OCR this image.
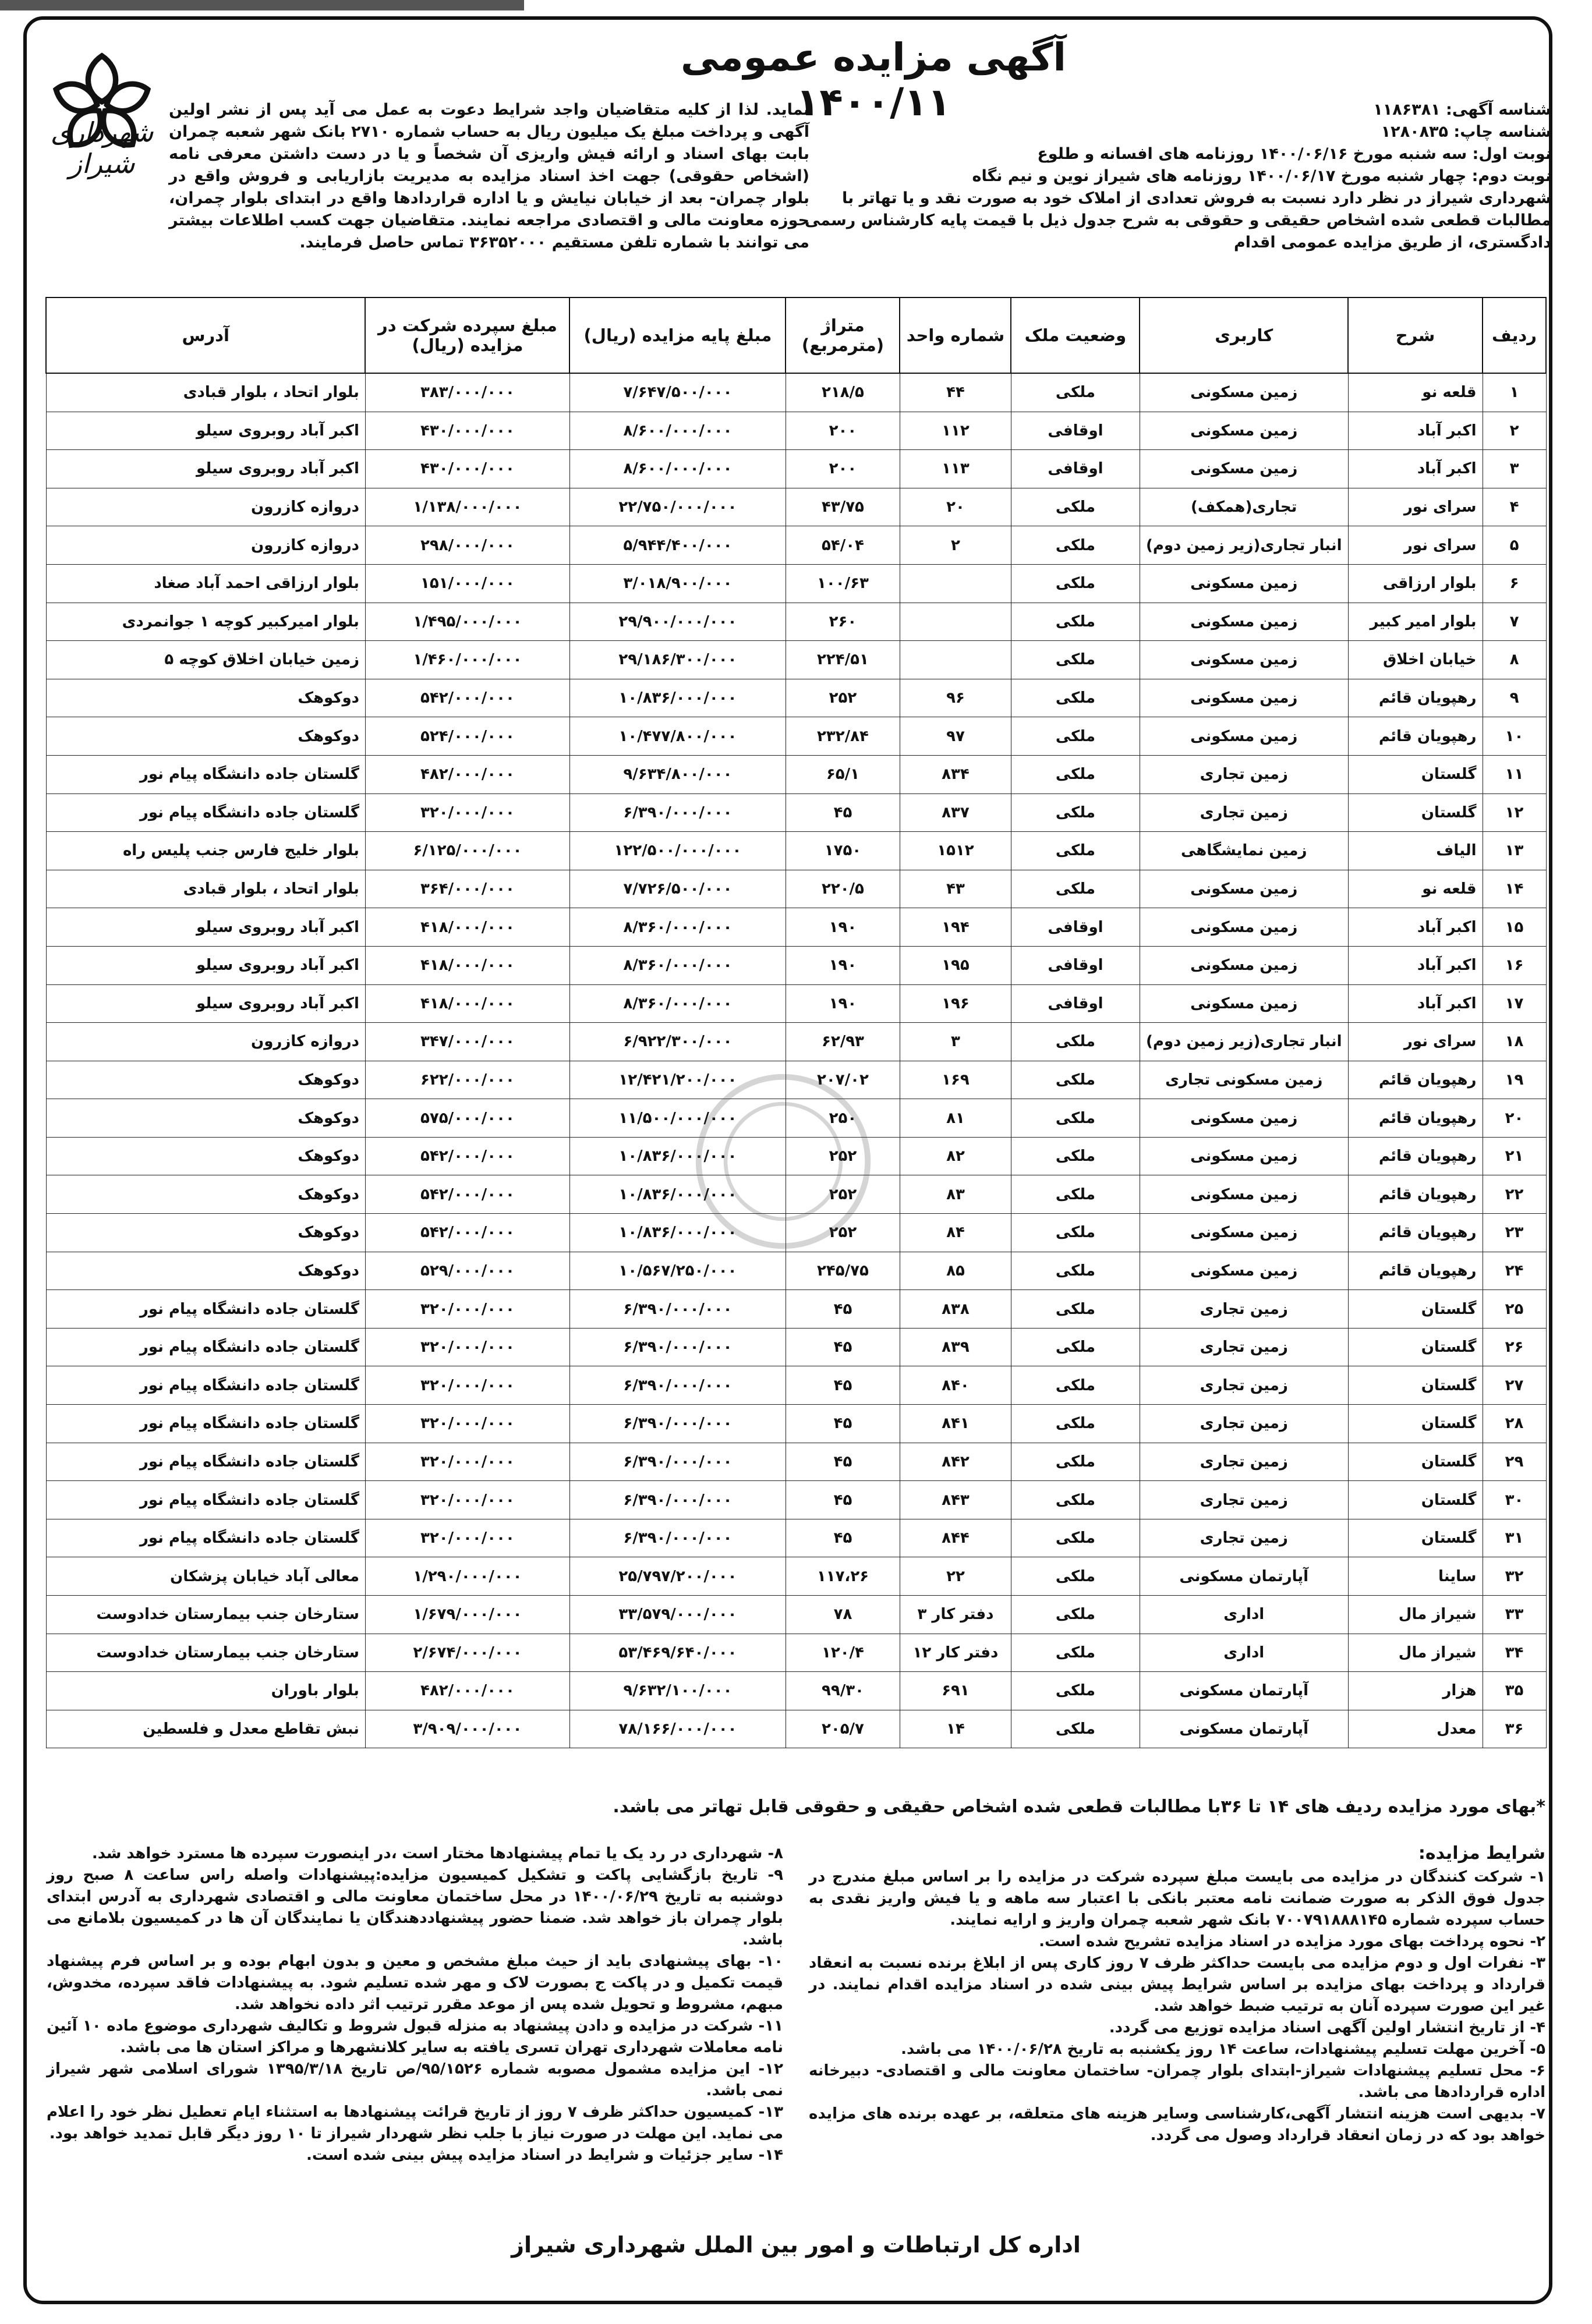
شهرداری شیراز
آگهی مزایده عمومی ۱۴۰۰/۱۱	شناسه آگهی: ۱۱۸۶۳۸۱
شناسه چاپ: ۱۲۸۰۸۳۵
نوبت اول: سه شنبه مورخ ۱۴۰۰/۰۶/۱۶ روزنامه های افسانه و طلوع
نوبت دوم: چهار شنبه مورخ ۱۴۰۰/۰۶/۱۷ روزنامه های شیراز نوین و نیم نگاه
شهرداری شیراز در نظر دارد نسبت به فروش تعدادی از املاک خود به صورت نقد و یا تهاتر با مطالبات قطعی شده اشخاص حقیقی و حقوقی به شرح جدول ذیل با قیمت پایه کارشناس رسمی دادگستری، از طریق مزایده عمومی اقدام
نماید. لذا از کلیه متقاضیان واجد شرایط دعوت به عمل می آید پس از نشر اولین آگهی و پرداخت مبلغ یک میلیون ریال به حساب شماره ۲۷۱۰ بانک شهر شعبه چمران بابت بهای اسناد و ارائه فیش واریزی آن شخصاً و یا در دست داشتن معرفی نامه (اشخاص حقوقی) جهت اخذ اسناد مزایده به مدیریت بازاریابی و فروش واقع در بلوار چمران- بعد از خیابان نیایش و یا اداره قراردادها واقع در ابتدای بلوار چمران، حوزه معاونت مالی و اقتصادی مراجعه نمایند. متقاضیان جهت کسب اطلاعات بیشتر می توانند با شماره تلفن مستقیم ۳۶۳۵۲۰۰۰ تماس حاصل فرمایند.
ردیف	شرح	کاربری	وضعیت ملک	شماره واحد	متراژ (مترمربع)	مبلغ پایه مزایده (ریال)	مبلغ سپرده شرکت در مزایده (ریال)	آدرس
۱	قلعه نو	زمین مسکونی	ملکی	۴۴	۲۱۸/۵	۷/۶۴۷/۵۰۰/۰۰۰	۳۸۳/۰۰۰/۰۰۰	بلوار اتحاد ، بلوار قبادی
۲	اکبر آباد	زمین مسکونی	اوقافی	۱۱۲	۲۰۰	۸/۶۰۰/۰۰۰/۰۰۰	۴۳۰/۰۰۰/۰۰۰	اکبر آباد روبروی سیلو
۳	اکبر آباد	زمین مسکونی	اوقافی	۱۱۳	۲۰۰	۸/۶۰۰/۰۰۰/۰۰۰	۴۳۰/۰۰۰/۰۰۰	اکبر آباد روبروی سیلو
۴	سرای نور	تجاری(همکف)	ملکی	۲۰	۴۳/۷۵	۲۲/۷۵۰/۰۰۰/۰۰۰	۱/۱۳۸/۰۰۰/۰۰۰	دروازه کازرون
۵	سرای نور	انبار تجاری(زیر زمین دوم)	ملکی	۲	۵۴/۰۴	۵/۹۴۴/۴۰۰/۰۰۰	۲۹۸/۰۰۰/۰۰۰	دروازه کازرون
۶	بلوار ارزاقی	زمین مسکونی	ملکی		۱۰۰/۶۳	۳/۰۱۸/۹۰۰/۰۰۰	۱۵۱/۰۰۰/۰۰۰	بلوار ارزاقی احمد آباد صغاد
۷	بلوار امیر کبیر	زمین مسکونی	ملکی		۲۶۰	۲۹/۹۰۰/۰۰۰/۰۰۰	۱/۴۹۵/۰۰۰/۰۰۰	بلوار امیرکبیر کوچه ۱ جوانمردی
۸	خیابان اخلاق	زمین مسکونی	ملکی		۲۲۴/۵۱	۲۹/۱۸۶/۳۰۰/۰۰۰	۱/۴۶۰/۰۰۰/۰۰۰	زمین خیابان اخلاق کوچه ۵
۹	رهپویان قائم	زمین مسکونی	ملکی	۹۶	۲۵۲	۱۰/۸۳۶/۰۰۰/۰۰۰	۵۴۲/۰۰۰/۰۰۰	دوکوهک
۱۰	رهپویان قائم	زمین مسکونی	ملکی	۹۷	۲۳۲/۸۴	۱۰/۴۷۷/۸۰۰/۰۰۰	۵۲۴/۰۰۰/۰۰۰	دوکوهک
۱۱	گلستان	زمین تجاری	ملکی	۸۳۴	۶۵/۱	۹/۶۳۴/۸۰۰/۰۰۰	۴۸۲/۰۰۰/۰۰۰	گلستان جاده دانشگاه پیام نور
۱۲	گلستان	زمین تجاری	ملکی	۸۳۷	۴۵	۶/۳۹۰/۰۰۰/۰۰۰	۳۲۰/۰۰۰/۰۰۰	گلستان جاده دانشگاه پیام نور
۱۳	الیاف	زمین نمایشگاهی	ملکی	۱۵۱۲	۱۷۵۰	۱۲۲/۵۰۰/۰۰۰/۰۰۰	۶/۱۲۵/۰۰۰/۰۰۰	بلوار خلیج فارس جنب پلیس راه
۱۴	قلعه نو	زمین مسکونی	ملکی	۴۳	۲۲۰/۵	۷/۷۲۶/۵۰۰/۰۰۰	۳۶۴/۰۰۰/۰۰۰	بلوار اتحاد ، بلوار قبادی
۱۵	اکبر آباد	زمین مسکونی	اوقافی	۱۹۴	۱۹۰	۸/۳۶۰/۰۰۰/۰۰۰	۴۱۸/۰۰۰/۰۰۰	اکبر آباد روبروی سیلو
۱۶	اکبر آباد	زمین مسکونی	اوقافی	۱۹۵	۱۹۰	۸/۳۶۰/۰۰۰/۰۰۰	۴۱۸/۰۰۰/۰۰۰	اکبر آباد روبروی سیلو
۱۷	اکبر آباد	زمین مسکونی	اوقافی	۱۹۶	۱۹۰	۸/۳۶۰/۰۰۰/۰۰۰	۴۱۸/۰۰۰/۰۰۰	اکبر آباد روبروی سیلو
۱۸	سرای نور	انبار تجاری(زیر زمین دوم)	ملکی	۳	۶۲/۹۳	۶/۹۲۲/۳۰۰/۰۰۰	۳۴۷/۰۰۰/۰۰۰	دروازه کازرون
۱۹	رهپویان قائم	زمین مسکونی تجاری	ملکی	۱۶۹	۲۰۷/۰۲	۱۲/۴۲۱/۲۰۰/۰۰۰	۶۲۲/۰۰۰/۰۰۰	دوکوهک
۲۰	رهپویان قائم	زمین مسکونی	ملکی	۸۱	۲۵۰	۱۱/۵۰۰/۰۰۰/۰۰۰	۵۷۵/۰۰۰/۰۰۰	دوکوهک
۲۱	رهپویان قائم	زمین مسکونی	ملکی	۸۲	۲۵۲	۱۰/۸۳۶/۰۰۰/۰۰۰	۵۴۲/۰۰۰/۰۰۰	دوکوهک
۲۲	رهپویان قائم	زمین مسکونی	ملکی	۸۳	۲۵۲	۱۰/۸۳۶/۰۰۰/۰۰۰	۵۴۲/۰۰۰/۰۰۰	دوکوهک
۲۳	رهپویان قائم	زمین مسکونی	ملکی	۸۴	۲۵۲	۱۰/۸۳۶/۰۰۰/۰۰۰	۵۴۲/۰۰۰/۰۰۰	دوکوهک
۲۴	رهپویان قائم	زمین مسکونی	ملکی	۸۵	۲۴۵/۷۵	۱۰/۵۶۷/۲۵۰/۰۰۰	۵۲۹/۰۰۰/۰۰۰	دوکوهک
۲۵	گلستان	زمین تجاری	ملکی	۸۳۸	۴۵	۶/۳۹۰/۰۰۰/۰۰۰	۳۲۰/۰۰۰/۰۰۰	گلستان جاده دانشگاه پیام نور
۲۶	گلستان	زمین تجاری	ملکی	۸۳۹	۴۵	۶/۳۹۰/۰۰۰/۰۰۰	۳۲۰/۰۰۰/۰۰۰	گلستان جاده دانشگاه پیام نور
۲۷	گلستان	زمین تجاری	ملکی	۸۴۰	۴۵	۶/۳۹۰/۰۰۰/۰۰۰	۳۲۰/۰۰۰/۰۰۰	گلستان جاده دانشگاه پیام نور
۲۸	گلستان	زمین تجاری	ملکی	۸۴۱	۴۵	۶/۳۹۰/۰۰۰/۰۰۰	۳۲۰/۰۰۰/۰۰۰	گلستان جاده دانشگاه پیام نور
۲۹	گلستان	زمین تجاری	ملکی	۸۴۲	۴۵	۶/۳۹۰/۰۰۰/۰۰۰	۳۲۰/۰۰۰/۰۰۰	گلستان جاده دانشگاه پیام نور
۳۰	گلستان	زمین تجاری	ملکی	۸۴۳	۴۵	۶/۳۹۰/۰۰۰/۰۰۰	۳۲۰/۰۰۰/۰۰۰	گلستان جاده دانشگاه پیام نور
۳۱	گلستان	زمین تجاری	ملکی	۸۴۴	۴۵	۶/۳۹۰/۰۰۰/۰۰۰	۳۲۰/۰۰۰/۰۰۰	گلستان جاده دانشگاه پیام نور
۳۲	ساینا	آپارتمان مسکونی	ملکی	۲۲	۱۱۷،۲۶	۲۵/۷۹۷/۲۰۰/۰۰۰	۱/۲۹۰/۰۰۰/۰۰۰	معالی آباد خیابان پزشکان
۳۳	شیراز مال	اداری	ملکی	دفتر کار ۳	۷۸	۳۳/۵۷۹/۰۰۰/۰۰۰	۱/۶۷۹/۰۰۰/۰۰۰	ستارخان جنب بیمارستان خدادوست
۳۴	شیراز مال	اداری	ملکی	دفتر کار ۱۲	۱۲۰/۴	۵۳/۴۶۹/۶۴۰/۰۰۰	۲/۶۷۴/۰۰۰/۰۰۰	ستارخان جنب بیمارستان خدادوست
۳۵	هزار	آپارتمان مسکونی	ملکی	۶۹۱	۹۹/۳۰	۹/۶۳۲/۱۰۰/۰۰۰	۴۸۲/۰۰۰/۰۰۰	بلوار باوران
۳۶	معدل	آپارتمان مسکونی	ملکی	۱۴	۲۰۵/۷	۷۸/۱۶۶/۰۰۰/۰۰۰	۳/۹۰۹/۰۰۰/۰۰۰	نبش تقاطع معدل و فلسطین
*بهای مورد مزایده ردیف های ۱۴ تا ۳۶با مطالبات قطعی شده اشخاص حقیقی و حقوقی قابل تهاتر می باشد.
شرایط مزایده:

۱- شرکت کنندگان در مزایده می بایست مبلغ سپرده شرکت در مزایده را بر اساس مبلغ مندرج در جدول فوق الذکر به صورت ضمانت نامه معتبر بانکی با اعتبار سه ماهه و یا فیش واریز نقدی به حساب سپرده شماره ۷۰۰۷۹۱۸۸۸۱۴۵ بانک شهر شعبه چمران واریز و ارایه نمایند.

۲- نحوه پرداخت بهای مورد مزایده در اسناد مزایده تشریح شده است.

۳- نفرات اول و دوم مزایده می بایست حداکثر ظرف ۷ روز کاری پس از ابلاغ برنده نسبت به انعقاد قرارداد و پرداخت بهای مزایده بر اساس شرایط پیش بینی شده در اسناد مزایده اقدام نمایند. در غیر این صورت سپرده آنان به ترتیب ضبط خواهد شد.

۴- از تاریخ انتشار اولین آگهی اسناد مزایده توزیع می گردد.

۵- آخرین مهلت تسلیم پیشنهادات، ساعت ۱۴ روز یکشنبه به تاریخ ۱۴۰۰/۰۶/۲۸ می باشد.

۶- محل تسلیم پیشنهادات شیراز-ابتدای بلوار چمران- ساختمان معاونت مالی و اقتصادی- دبیرخانه اداره قراردادها می باشد.

۷- بدیهی است هزینه انتشار آگهی،کارشناسی وسایر هزینه های متعلقه، بر عهده برنده های مزایده خواهد بود که در زمان انعقاد قرارداد وصول می گردد.

۸- شهرداری در رد یک یا تمام پیشنهادها مختار است ،در اینصورت سپرده ها مسترد خواهد شد.

۹- تاریخ بازگشایی پاکت و تشکیل کمیسیون مزایده:پیشنهادات واصله راس ساعت ۸ صبح روز دوشنبه به تاریخ ۱۴۰۰/۰۶/۲۹ در محل ساختمان معاونت مالی و اقتصادی شهرداری به آدرس ابتدای بلوار چمران باز خواهد شد. ضمنا حضور پیشنهاددهندگان یا نمایندگان آن ها در کمیسیون بلامانع می باشد.

۱۰- بهای پیشنهادی باید از حیث مبلغ مشخص و معین و بدون ابهام بوده و بر اساس فرم پیشنهاد قیمت تکمیل و در پاکت ج بصورت لاک و مهر شده تسلیم شود. به پیشنهادات فاقد سپرده، مخدوش، مبهم، مشروط و تحویل شده پس از موعد مقرر ترتیب اثر داده نخواهد شد.

۱۱- شرکت در مزایده و دادن پیشنهاد به منزله قبول شروط و تکالیف شهرداری موضوع ماده ۱۰ آئین نامه معاملات شهرداری تهران تسری یافته به سایر کلانشهرها و مراکز استان ها می باشد.

۱۲- این مزایده مشمول مصوبه شماره ۹۵/۱۵۲۶/ص تاریخ ۱۳۹۵/۳/۱۸ شورای اسلامی شهر شیراز نمی باشد.

۱۳- کمیسیون حداکثر ظرف ۷ روز از تاریخ قرائت پیشنهادها به استثناء ایام تعطیل نظر خود را اعلام می نماید. این مهلت در صورت نیاز با جلب نظر شهردار شیراز تا ۱۰ روز دیگر قابل تمدید خواهد بود.

۱۴- سایر جزئیات و شرایط در اسناد مزایده پیش بینی شده است.

اداره کل ارتباطات و امور بین الملل شهرداری شیراز
